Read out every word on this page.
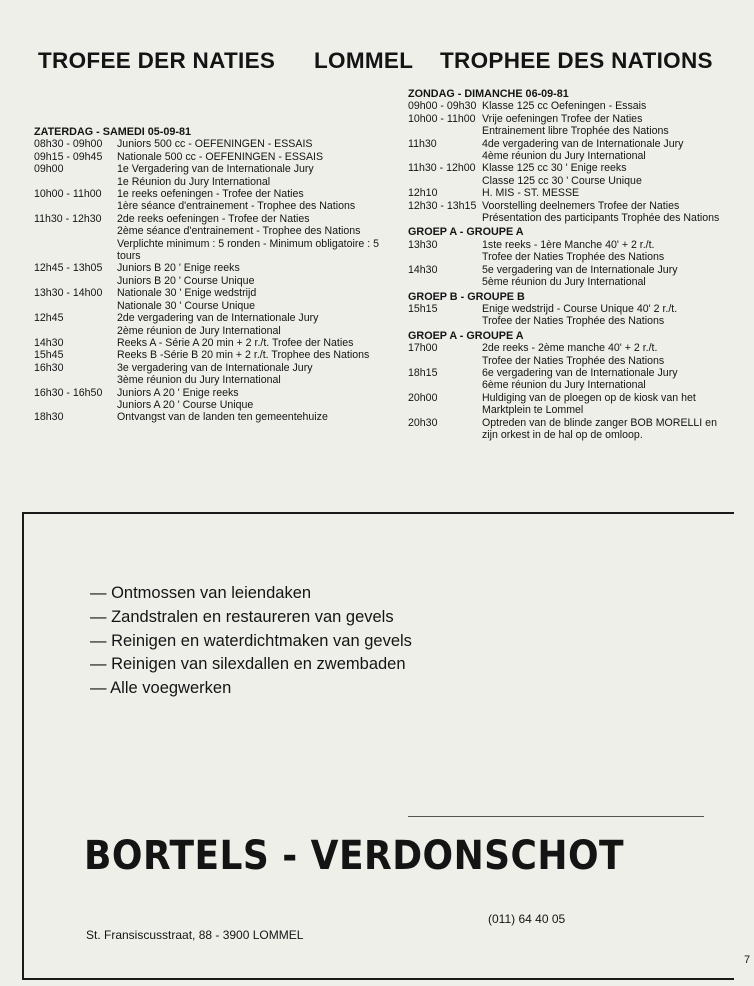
TROFEE DER NATIES LOMMEL TROPHEE DES NATIONS
ZATERDAG - SAMEDI 05-09-81
08h30 - 09h00	Juniors 500 cc - OEFENINGEN - ESSAIS
09h15 - 09h45	Nationale 500 cc - OEFENINGEN - ESSAIS
09h00	1e Vergadering van de Internationale Jury
1e Réunion du Jury International
10h00 - 11h00	1e reeks oefeningen - Trofee der Naties
1ère séance d'entrainement - Trophee des Nations
11h30 - 12h30	2de reeks oefeningen - Trofee der Naties
2ème séance d'entrainement - Trophee des Nations
Verplichte minimum : 5 ronden - Minimum obligatoire : 5 tours
12h45 - 13h05	Juniors B 20 ' Enige reeks
Juniors B 20 ' Course Unique
13h30 - 14h00	Nationale 30 ' Enige wedstrijd
Nationale 30 ' Course Unique
12h45	2de vergadering van de Internationale Jury
2ème réunion de Jury International
14h30	Reeks A - Série A 20 min + 2 r./t. Trofee der Naties
15h45	Reeks B -Série B 20 min + 2 r./t. Trophee des Nations
16h30	3e vergadering van de Internationale Jury
3ème réunion du Jury International
16h30 - 16h50	Juniors A 20 ' Enige reeks
Juniors A 20 ' Course Unique
18h30	Ontvangst van de landen ten gemeentehuize
ZONDAG - DIMANCHE 06-09-81
09h00 - 09h30 Klasse 125 cc Oefeningen - Essais
10h00 - 11h00 Vrije oefeningen Trofee der Naties
Entrainement libre Trophée des Nations
11h30	4de vergadering van de Internationale Jury
4ème réunion du Jury International
11h30 - 12h00 Klasse 125 cc 30 ' Enige reeks
Classe 125 cc 30 ' Course Unique
12h10	H. MIS - ST. MESSE
12h30 - 13h15 Voorstelling deelnemers Trofee der Naties
Présentation des participants Trophée des Nations
GROEP A - GROUPE A
13h30	1ste reeks - 1ère Manche 40' + 2 r./t.
Trofee der Naties Trophée des Nations
14h30	5e vergadering van de Internationale Jury
5ème réunion du Jury International
GROEP B - GROUPE B
15h15	Enige wedstrijd - Course Unique 40' 2 r./t.
Trofee der Naties Trophée des Nations
GROEP A - GROUPE A
17h00	2de reeks - 2ème manche 40' + 2 r./t.
Trofee der Naties Trophée des Nations
18h15	6e vergadering van de Internationale Jury
6ème réunion du Jury International
20h00	Huldiging van de ploegen op de kiosk van het Marktplein te Lommel
20h30	Optreden van de blinde zanger BOB MORELLI en zijn orkest in de hal op de omloop.
— Ontmossen van leiendaken
— Zandstralen en restaureren van gevels
— Reinigen en waterdichtmaken van gevels
— Reinigen van silexdallen en zwembaden
— Alle voegwerken
BORTELS - VERDONSCHOT
St. Fransiscusstraat, 88 - 3900 LOMMEL
(011) 64 40 05
7
